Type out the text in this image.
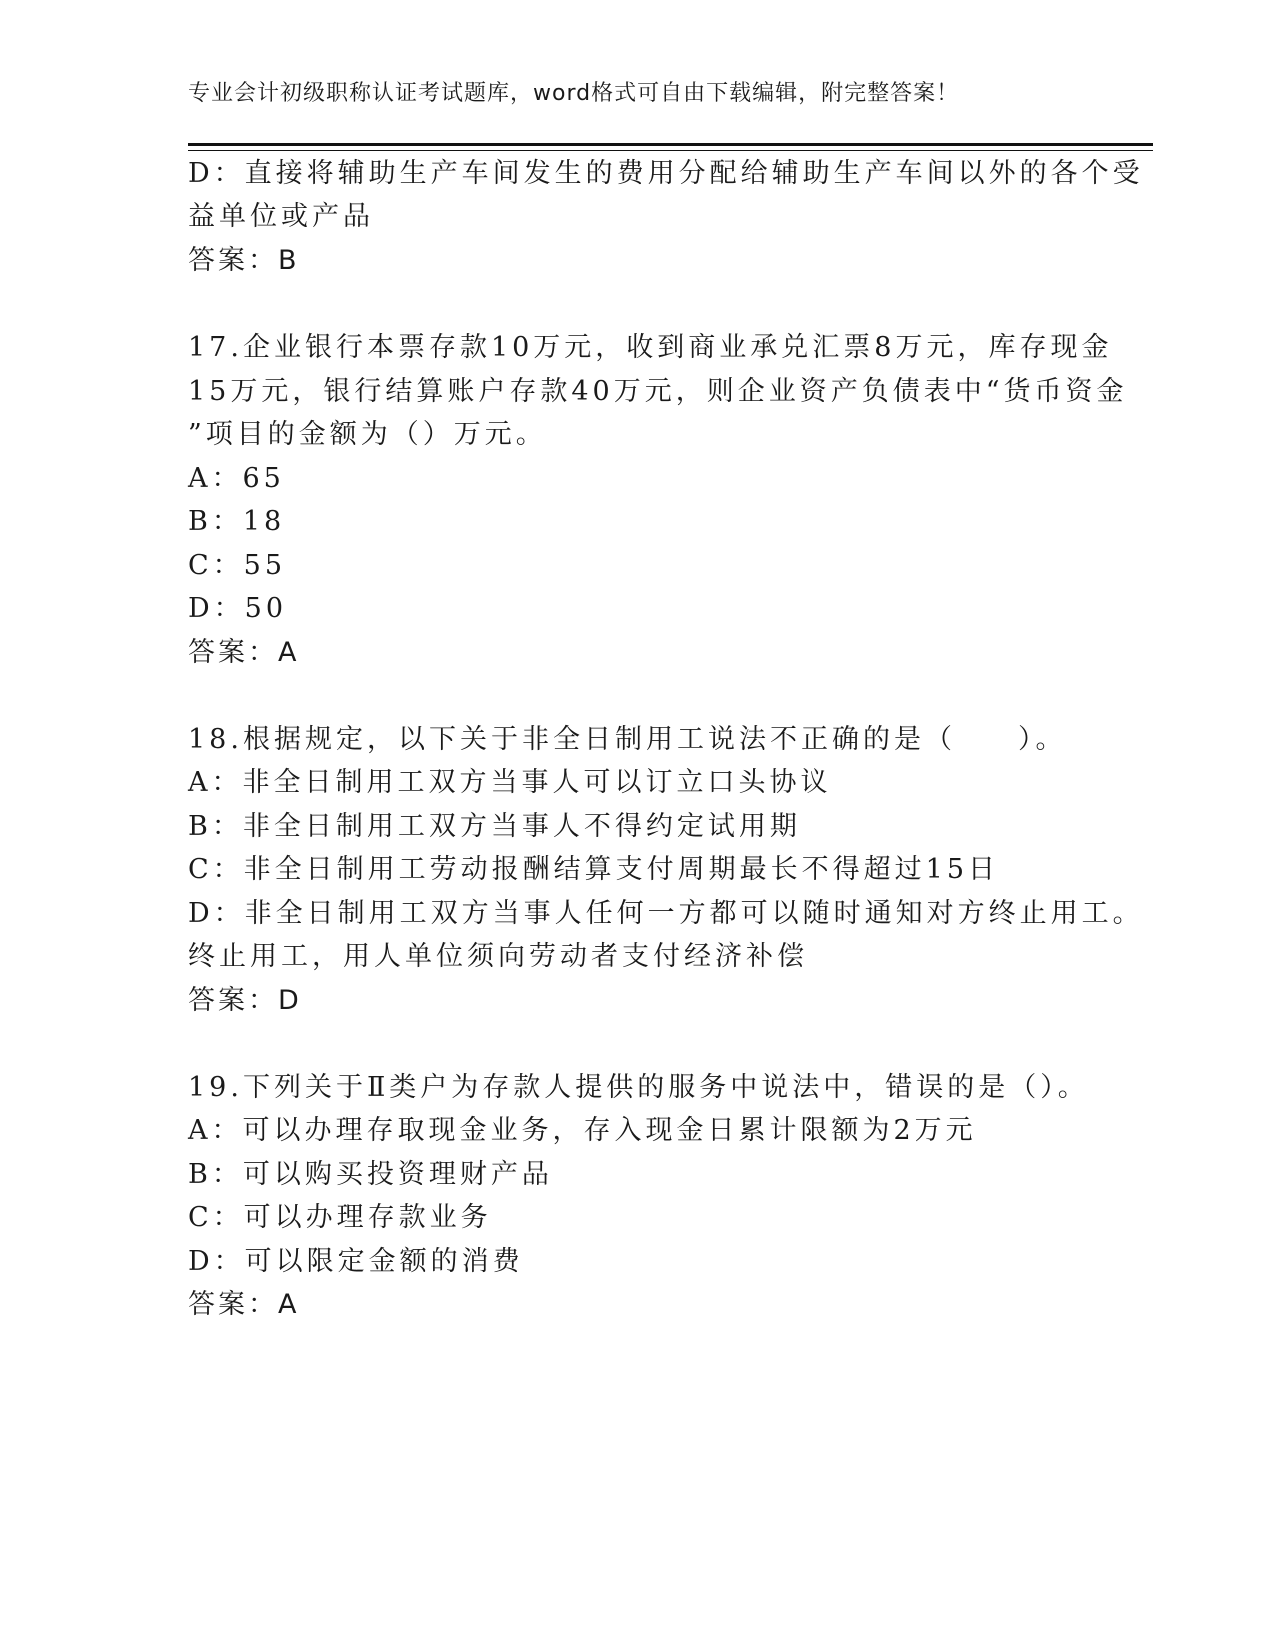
专业会计初级职称认证考试题库，word格式可自由下载编辑，附完整答案！
D：直接将辅助生产车间发生的费用分配给辅助生产车间以外的各个受
益单位或产品
答案：B
17.企业银行本票存款10万元，收到商业承兑汇票8万元，库存现金
15万元，银行结算账户存款40万元，则企业资产负债表中“货币资金
”项目的金额为（）万元。
A：65
B：18
C：55
D：50
答案：A
18.根据规定，以下关于非全日制用工说法不正确的是（　　）。
A：非全日制用工双方当事人可以订立口头协议
B：非全日制用工双方当事人不得约定试用期
C：非全日制用工劳动报酬结算支付周期最长不得超过15日
D：非全日制用工双方当事人任何一方都可以随时通知对方终止用工。
终止用工，用人单位须向劳动者支付经济补偿
答案：D
19.下列关于Ⅱ类户为存款人提供的服务中说法中，错误的是（）。
A：可以办理存取现金业务，存入现金日累计限额为2万元
B：可以购买投资理财产品
C：可以办理存款业务
D：可以限定金额的消费
答案：A
